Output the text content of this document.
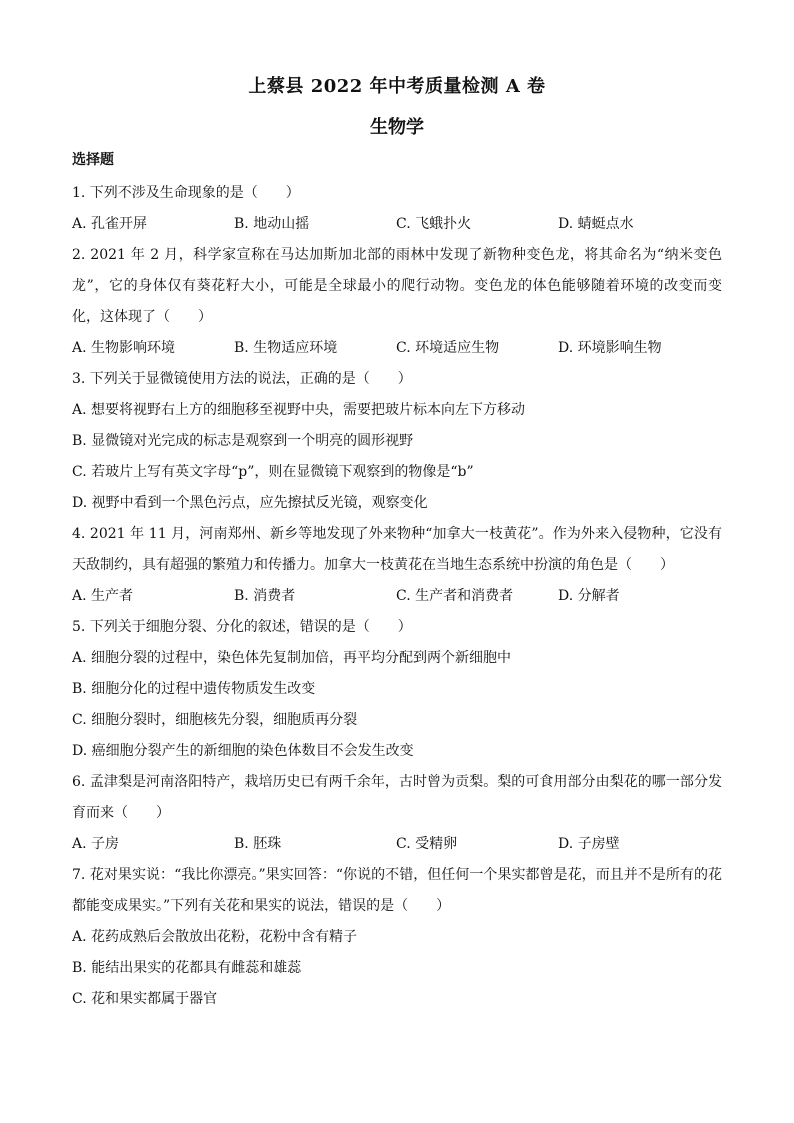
上蔡县 2022 年中考质量检测 A 卷
生物学
选择题
1. 下列不涉及生命现象的是（　　）
A. 孔雀开屏	B. 地动山摇	C. 飞蛾扑火	D. 蜻蜓点水
2. 2021 年 2 月，科学家宣称在马达加斯加北部的雨林中发现了新物种变色龙，将其命名为“纳米变色龙”，它的身体仅有葵花籽大小，可能是全球最小的爬行动物。变色龙的体色能够随着环境的改变而变化，这体现了（　　）
A. 生物影响环境	B. 生物适应环境	C. 环境适应生物	D. 环境影响生物
3. 下列关于显微镜使用方法的说法，正确的是（　　）
A. 想要将视野右上方的细胞移至视野中央，需要把玻片标本向左下方移动
B. 显微镜对光完成的标志是观察到一个明亮的圆形视野
C. 若玻片上写有英文字母“p”，则在显微镜下观察到的物像是“b”
D. 视野中看到一个黑色污点，应先擦拭反光镜，观察变化
4. 2021 年 11 月，河南郑州、新乡等地发现了外来物种“加拿大一枝黄花”。作为外来入侵物种，它没有天敌制约，具有超强的繁殖力和传播力。加拿大一枝黄花在当地生态系统中扮演的角色是（　　）
A. 生产者	B. 消费者	C. 生产者和消费者	D. 分解者
5. 下列关于细胞分裂、分化的叙述，错误的是（　　）
A. 细胞分裂的过程中，染色体先复制加倍，再平均分配到两个新细胞中
B. 细胞分化的过程中遗传物质发生改变
C. 细胞分裂时，细胞核先分裂，细胞质再分裂
D. 癌细胞分裂产生的新细胞的染色体数目不会发生改变
6. 孟津梨是河南洛阳特产，栽培历史已有两千余年，古时曾为贡梨。梨的可食用部分由梨花的哪一部分发育而来（　　）
A. 子房	B. 胚珠	C. 受精卵	D. 子房壁
7. 花对果实说：“我比你漂亮。”果实回答：“你说的不错，但任何一个果实都曾是花，而且并不是所有的花都能变成果实。”下列有关花和果实的说法，错误的是（　　）
A. 花药成熟后会散放出花粉，花粉中含有精子
B. 能结出果实的花都具有雌蕊和雄蕊
C. 花和果实都属于器官
